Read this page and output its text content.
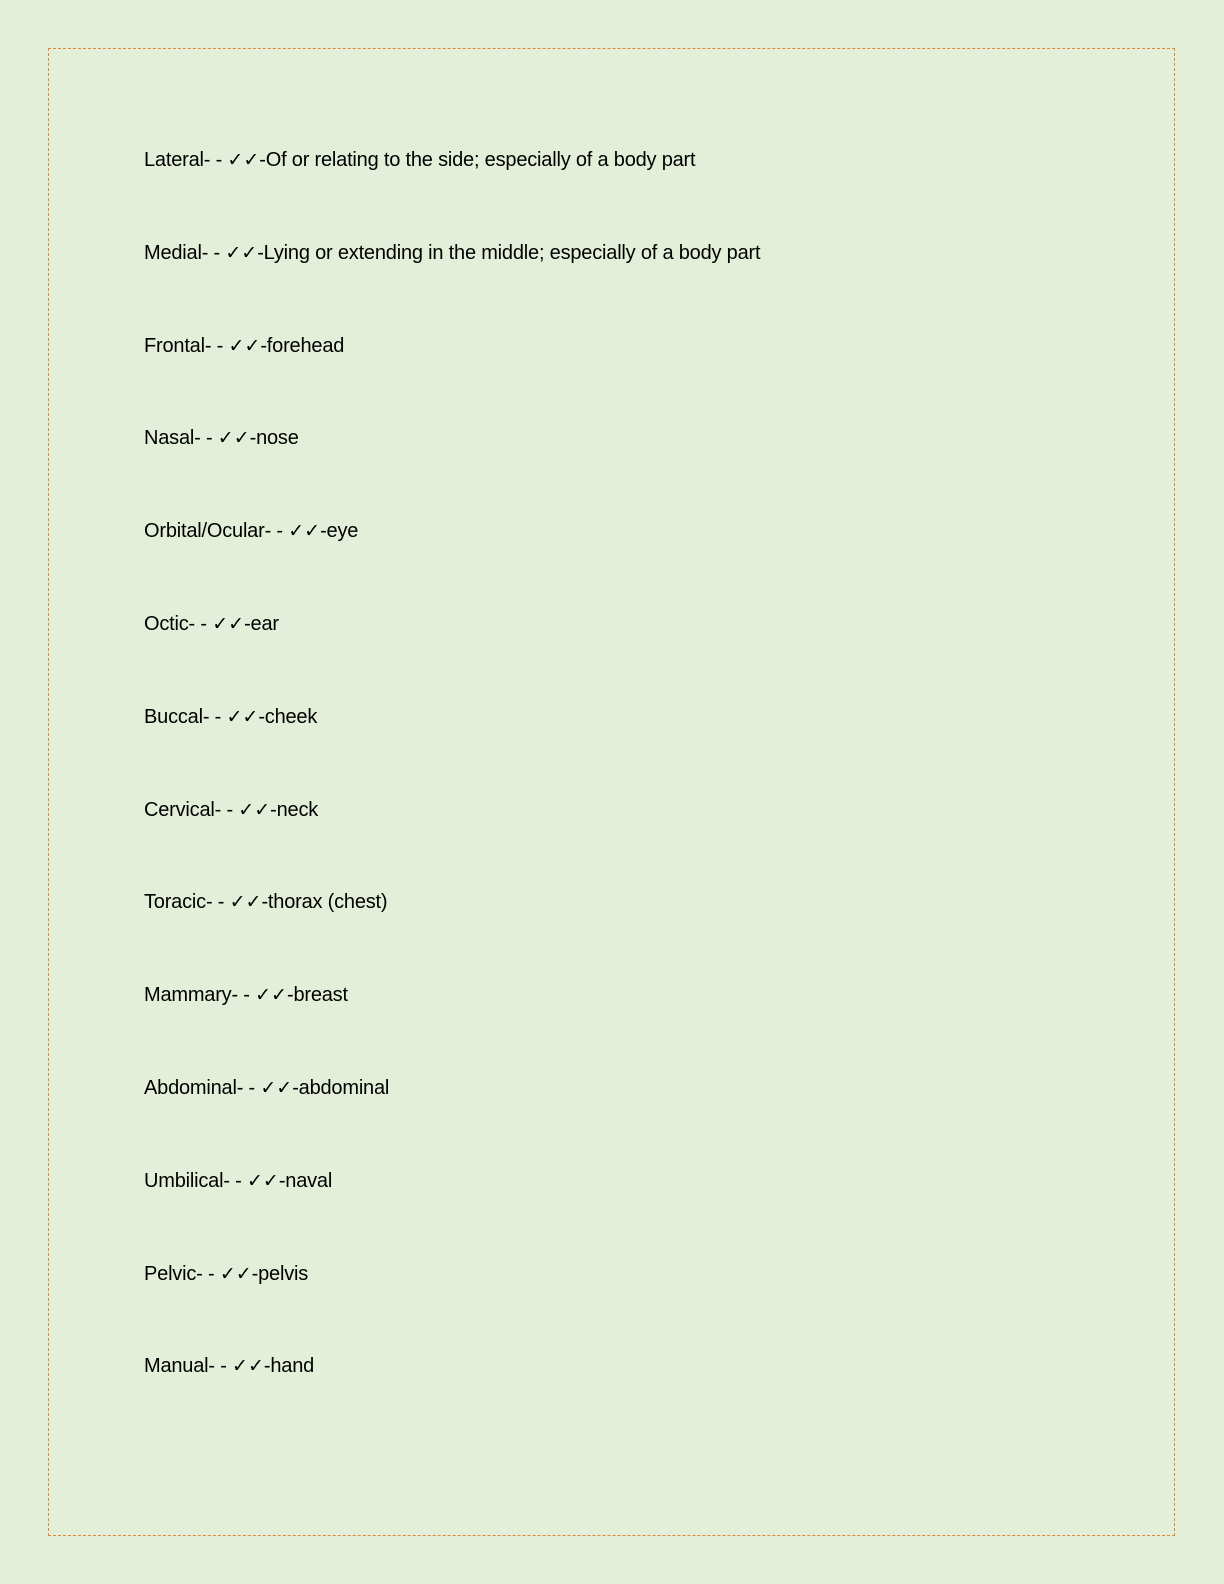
Lateral- - ✓✓-Of or relating to the side; especially of a body part
Medial- - ✓✓-Lying or extending in the middle; especially of a body part
Frontal- - ✓✓-forehead
Nasal- - ✓✓-nose
Orbital/Ocular- - ✓✓-eye
Octic- - ✓✓-ear
Buccal- - ✓✓-cheek
Cervical- - ✓✓-neck
Toracic- - ✓✓-thorax (chest)
Mammary- - ✓✓-breast
Abdominal- - ✓✓-abdominal
Umbilical- - ✓✓-naval
Pelvic- - ✓✓-pelvis
Manual- - ✓✓-hand
